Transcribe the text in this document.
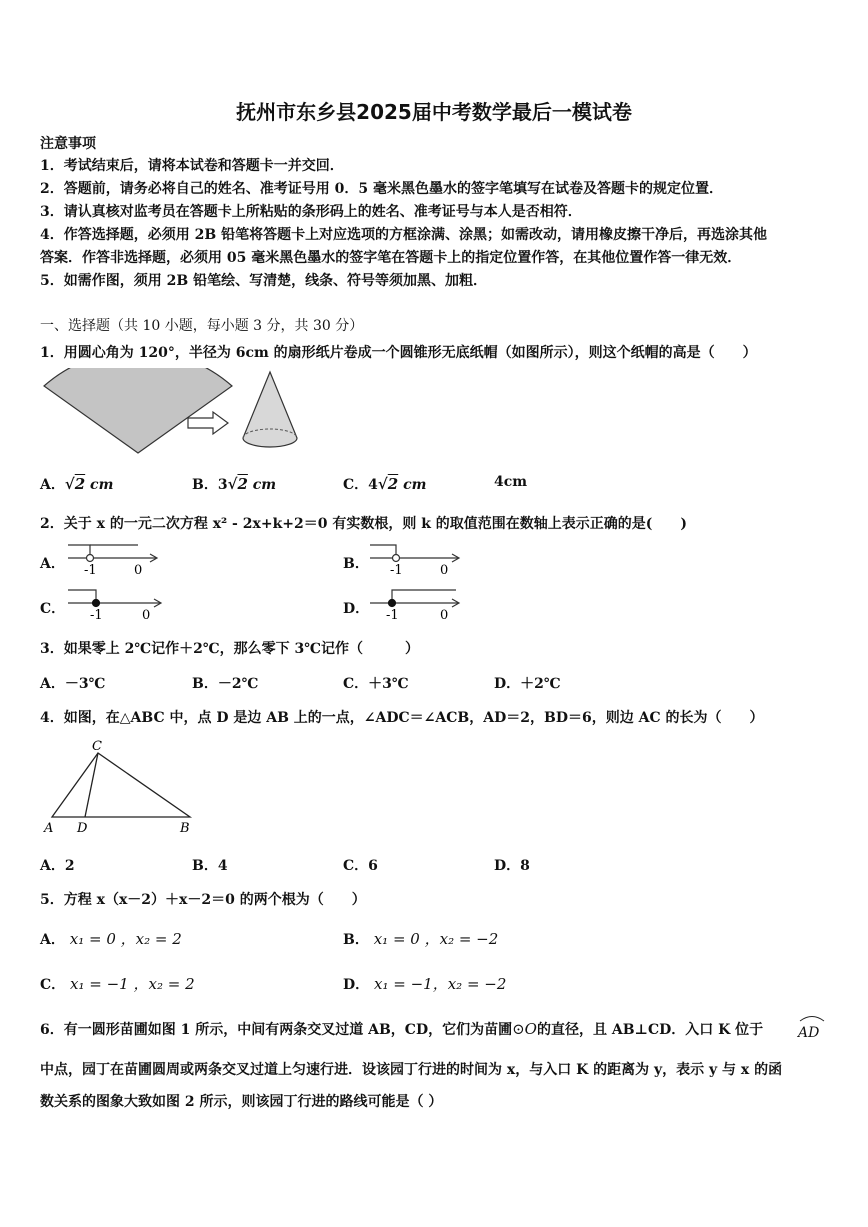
抚州市东乡县2025届中考数学最后一模试卷
注意事项
1．考试结束后，请将本试卷和答题卡一并交回．
2．答题前，请务必将自己的姓名、准考证号用 0．5 毫米黑色墨水的签字笔填写在试卷及答题卡的规定位置．
3．请认真核对监考员在答题卡上所粘贴的条形码上的姓名、准考证号与本人是否相符．
4．作答选择题，必须用 2B 铅笔将答题卡上对应选项的方框涂满、涂黑；如需改动，请用橡皮擦干净后，再选涂其他
答案．作答非选择题，必须用 05 毫米黑色墨水的签字笔在答题卡上的指定位置作答，在其他位置作答一律无效．
5．如需作图，须用 2B 铅笔绘、写清楚，线条、符号等须加黑、加粗．
一、选择题（共 10 小题，每小题 3 分，共 30 分）
1．用圆心角为 120°，半径为 6cm 的扇形纸片卷成一个圆锥形无底纸帽（如图所示），则这个纸帽的高是（　　）
A．√2 cm	B．3√2 cm	C．4√2 cm	4cm
2．关于 x 的一元二次方程 x² - 2x+k+2＝0 有实数根，则 k 的取值范围在数轴上表示正确的是(　　)
A． -1	0	B． -1	0
C． -1	0	D． -1	0
3．如果零上 2℃记作＋2℃，那么零下 3℃记作（　　　）
A．－3℃	B．－2℃	C．＋3℃	D．＋2℃
4．如图，在△ABC 中，点 D 是边 AB 上的一点，∠ADC＝∠ACB，AD＝2，BD＝6，则边 AC 的长为（　　）
C
A D	B
A．2	B．4	C．6	D．8
5．方程 x（x－2）＋x－2＝0 的两个根为（　　）
A． x₁ = 0 ，x₂ = 2	B． x₁ = 0 ，x₂ = −2
C． x₁ = −1 ，x₂ = 2	D． x₁ = −1，x₂ = −2
6．有一圆形苗圃如图 1 所示，中间有两条交叉过道 AB，CD，它们为苗圃⊙O的直径，且 AB⊥CD．入口 K 位于 AD
中点，园丁在苗圃圆周或两条交叉过道上匀速行进．设该园丁行进的时间为 x，与入口 K 的距离为 y，表示 y 与 x 的函
数关系的图象大致如图 2 所示，则该园丁行进的路线可能是（ ）
